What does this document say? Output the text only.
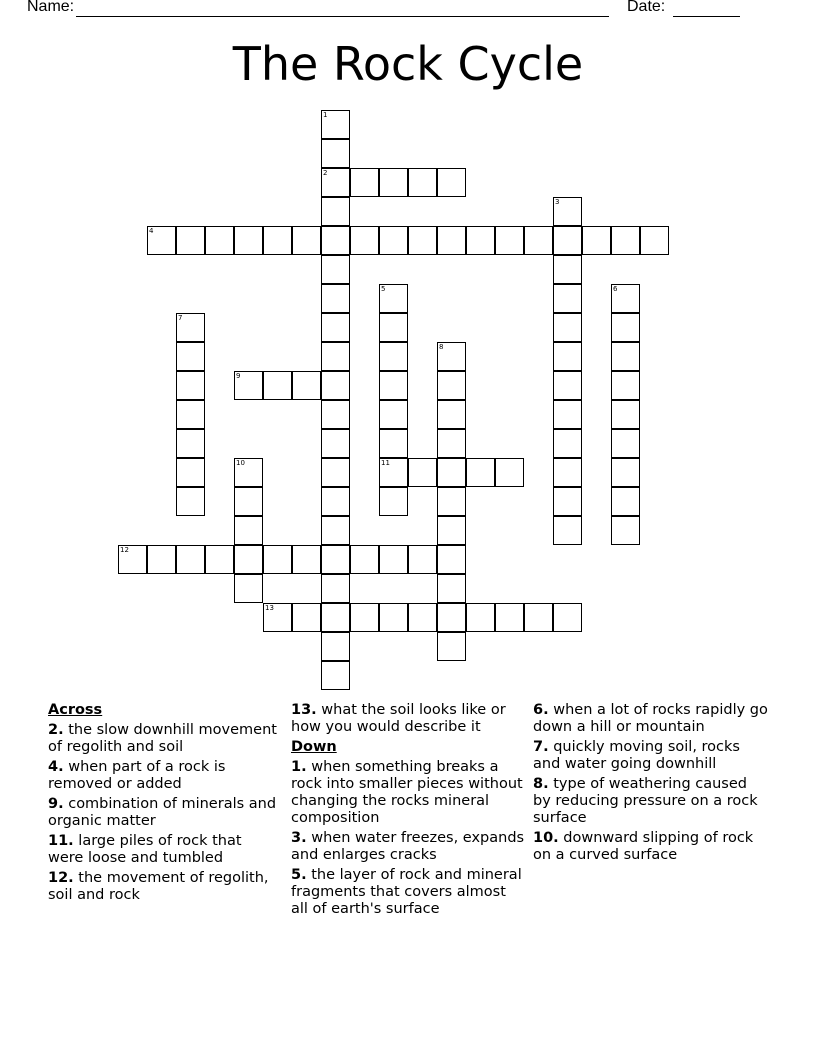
Name:	Date:
The Rock Cycle
1
2
3
4
5
11
6
7
8
9
10
12
13
Across
2. the slow downhill movement of regolith and soil
4. when part of a rock is removed or added
9. combination of minerals and organic matter
11. large piles of rock that were loose and tumbled
12. the movement of regolith, soil and rock
13. what the soil looks like or how you would describe it
Down
1. when something breaks a rock into smaller pieces without changing the rocks mineral composition
3. when water freezes, expands and enlarges cracks
5. the layer of rock and mineral fragments that covers almost all of earth's surface
6. when a lot of rocks rapidly go down a hill or mountain
7. quickly moving soil, rocks and water going downhill
8. type of weathering caused by reducing pressure on a rock surface
10. downward slipping of rock on a curved surface
